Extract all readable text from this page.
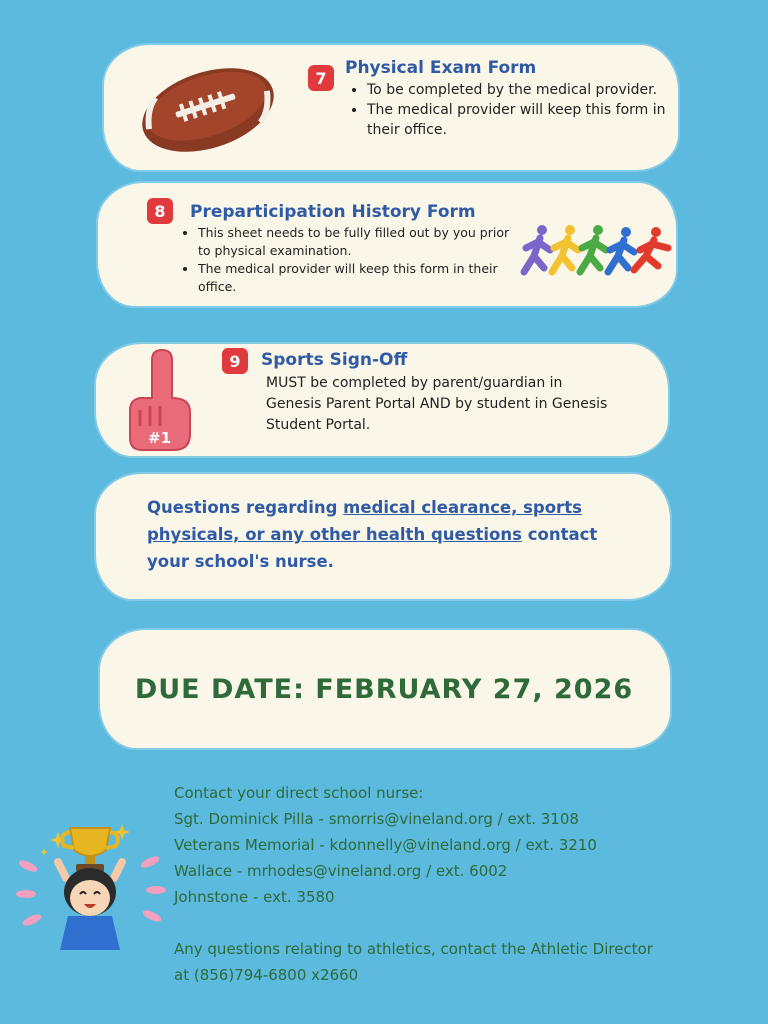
7	Physical Exam Form
• To be completed by the medical provider.
• The medical provider will keep this form in their office.
8	Preparticipation History Form
• This sheet needs to be fully filled out by you prior to physical examination.
• The medical provider will keep this form in their office.
#1
9	Sports Sign-Off
MUST be completed by parent/guardian in Genesis Parent Portal AND by student in Genesis Student Portal.
Questions regarding medical clearance, sports physicals, or any other health questions contact your school's nurse.
DUE DATE: FEBRUARY 27, 2026
Contact your direct school nurse:
Sgt. Dominick Pilla - smorris@vineland.org / ext. 3108
Veterans Memorial - kdonnelly@vineland.org / ext. 3210
Wallace - mrhodes@vineland.org / ext. 6002
Johnstone - ext. 3580
Any questions relating to athletics, contact the Athletic Director
at (856)794-6800 x2660
